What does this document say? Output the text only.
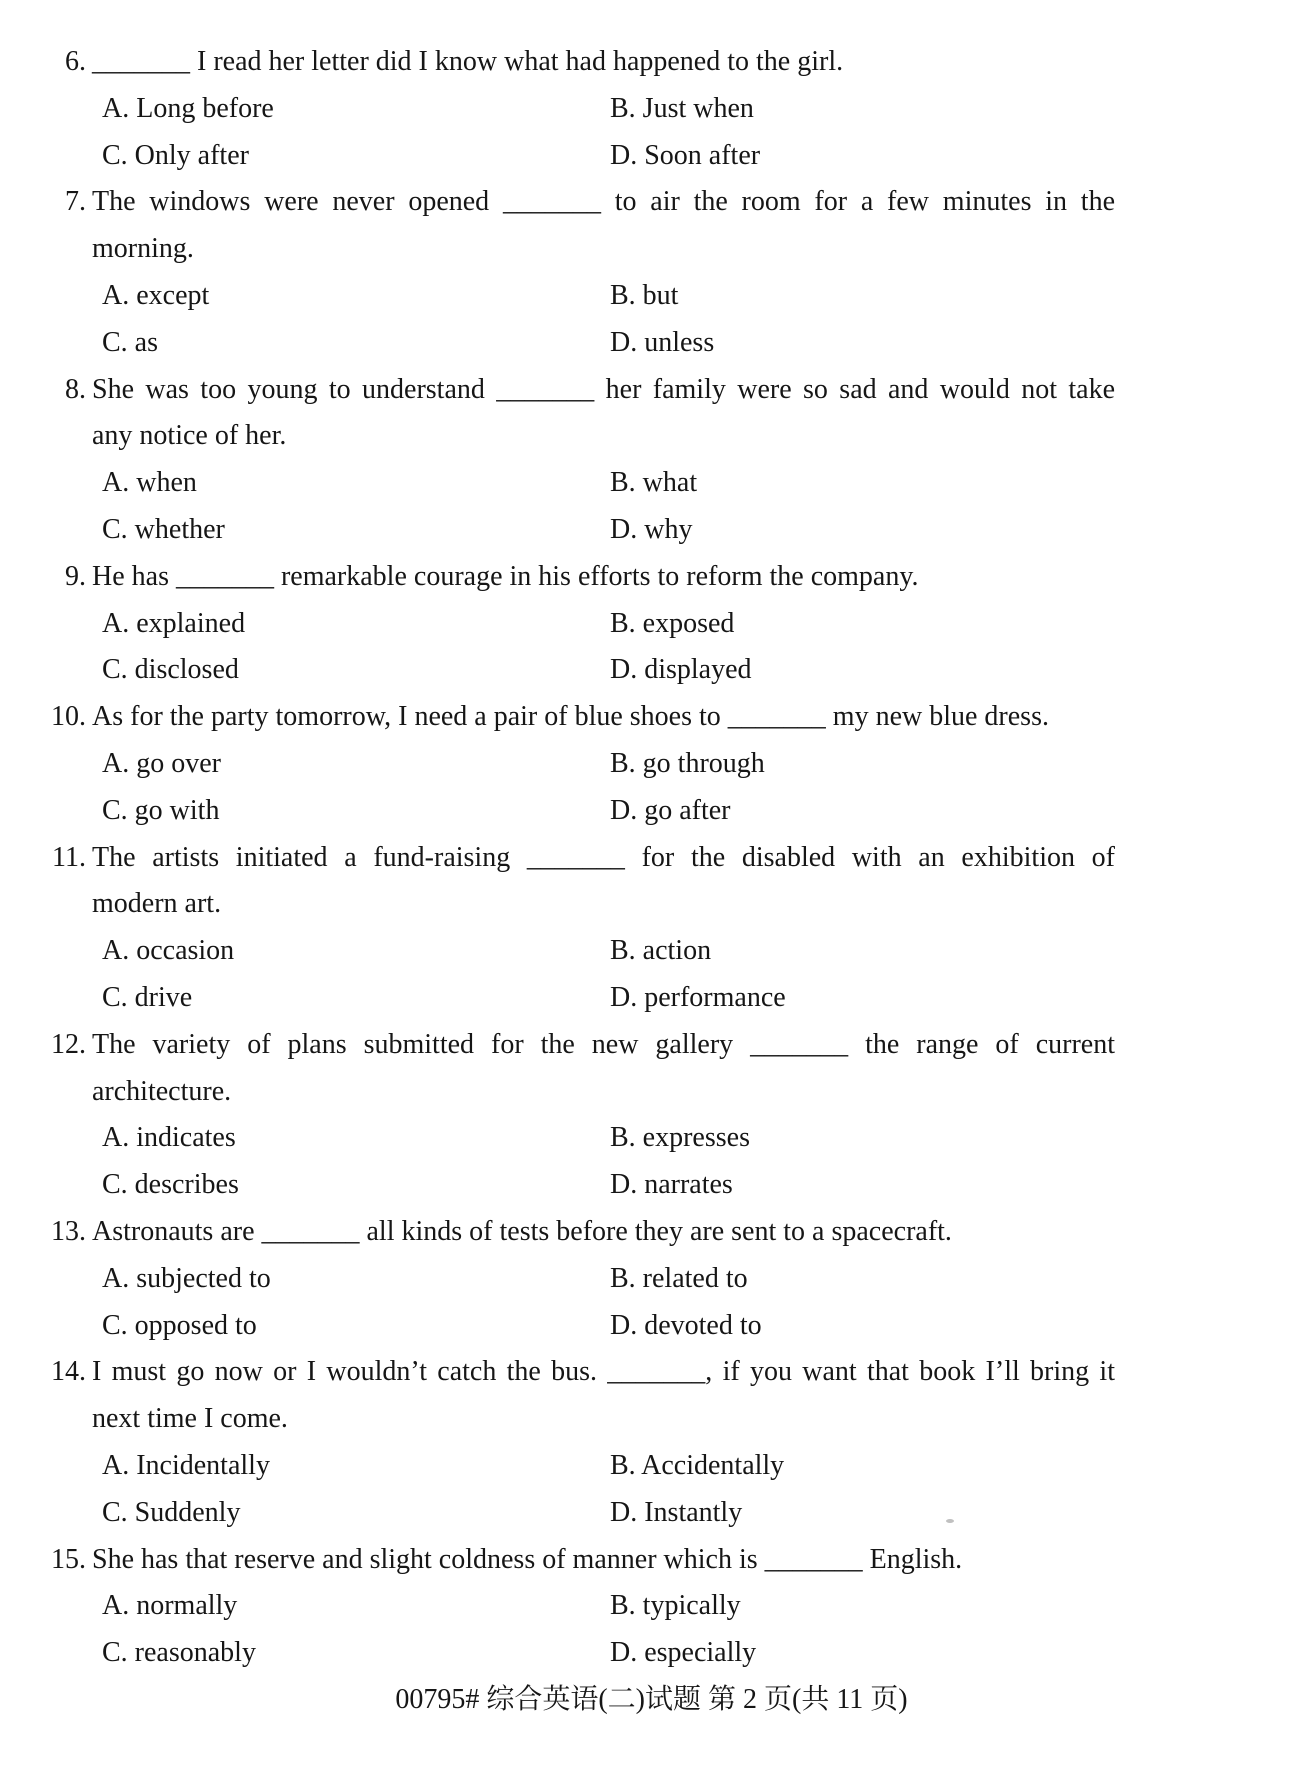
6. _______ I read her letter did I know what had happened to the girl.
A. Long before	B. Just when
C. Only after	D. Soon after
7. The windows were never opened _______ to air the room for a few minutes in the
morning.
A. except	B. but
C. as	D. unless
8. She was too young to understand _______ her family were so sad and would not take
any notice of her.
A. when	B. what
C. whether	D. why
9. He has _______ remarkable courage in his efforts to reform the company.
A. explained	B. exposed
C. disclosed	D. displayed
10. As for the party tomorrow, I need a pair of blue shoes to _______ my new blue dress.
A. go over	B. go through
C. go with	D. go after
11. The artists initiated a fund-raising _______ for the disabled with an exhibition of
modern art.
A. occasion	B. action
C. drive	D. performance
12. The variety of plans submitted for the new gallery _______ the range of current
architecture.
A. indicates	B. expresses
C. describes	D. narrates
13. Astronauts are _______ all kinds of tests before they are sent to a spacecraft.
A. subjected to	B. related to
C. opposed to	D. devoted to
14. I must go now or I wouldn’t catch the bus. _______, if you want that book I’ll bring it
next time I come.
A. Incidentally	B. Accidentally
C. Suddenly	D. Instantly
15. She has that reserve and slight coldness of manner which is _______ English.
A. normally	B. typically
C. reasonably	D. especially
00795# 综合英语(二)试题 第 2 页(共 11 页)
